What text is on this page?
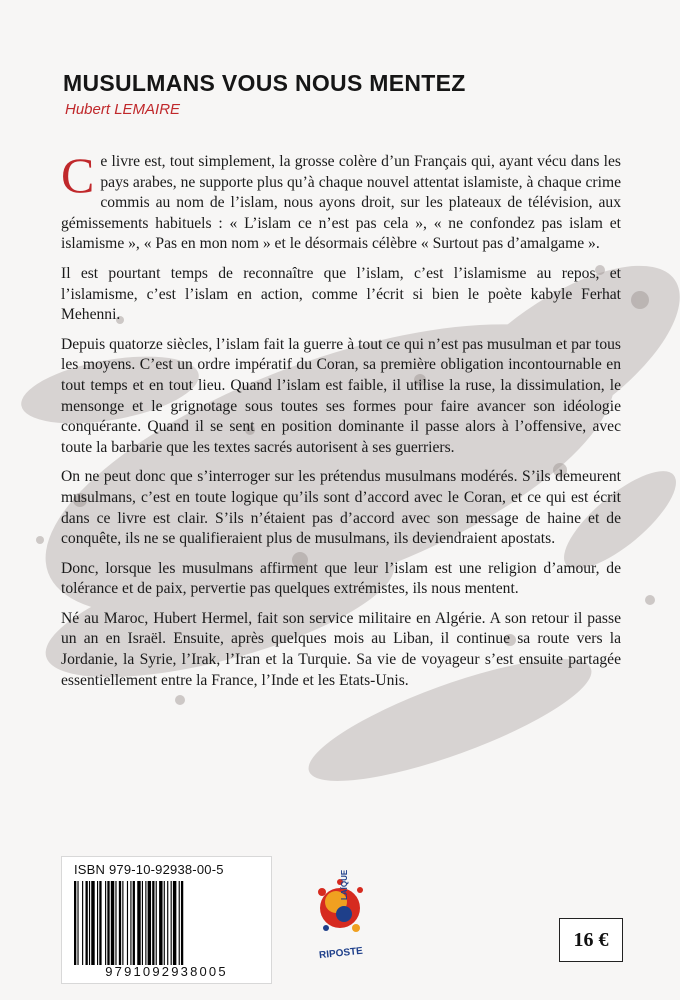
MUSULMANS VOUS NOUS MENTEZ

Hubert LEMAIRE

Ce livre est, tout simplement, la grosse colère d’un Français qui, ayant vécu dans les pays arabes, ne supporte plus qu’à chaque nouvel attentat islamiste, à chaque crime commis au nom de l’islam, nous ayons droit, sur les plateaux de télévision, aux gémissements habituels : « L’islam ce n’est pas cela », « ne confondez pas islam et islamisme », « Pas en mon nom » et le désormais célèbre « Surtout pas d’amalgame ».

Il est pourtant temps de reconnaître que l’islam, c’est l’islamisme au repos, et l’islamisme, c’est l’islam en action, comme l’écrit si bien le poète kabyle Ferhat Mehenni.

Depuis quatorze siècles, l’islam fait la guerre à tout ce qui n’est pas musulman et par tous les moyens. C’est un ordre impératif du Coran, sa première obligation incontournable en tout temps et en tout lieu. Quand l’islam est faible, il utilise la ruse, la dissimulation, le mensonge et le grignotage sous toutes ses formes pour faire avancer son idéologie conquérante. Quand il se sent en position dominante il passe alors à l’offensive, avec toute la barbarie que les textes sacrés autorisent à ses guerriers.

On ne peut donc que s’interroger sur les prétendus musulmans modérés. S’ils demeurent musulmans, c’est en toute logique qu’ils sont d’accord avec le Coran, et ce qui est écrit dans ce livre est clair. S’ils n’étaient pas d’accord avec son message de haine et de conquête, ils ne se qualifieraient plus de musulmans, ils deviendraient apostats.

Donc, lorsque les musulmans affirment que leur l’islam est une religion d’amour, de tolérance et de paix, pervertie pas quelques extrémistes, ils nous mentent.

Né au Maroc, Hubert Hermel, fait son service militaire en Algérie. A son retour il passe un an en Israël. Ensuite, après quelques mois au Liban, il continue sa route vers la Jordanie, la Syrie, l’Irak, l’Iran et la Turquie. Sa vie de voyageur s’est ensuite partagée essentiellement entre la France, l’Inde et les Etats-Unis.

ISBN 979-10-92938-00-5
9791092938005
RIPOSTE
LAÏQUE
16 €
